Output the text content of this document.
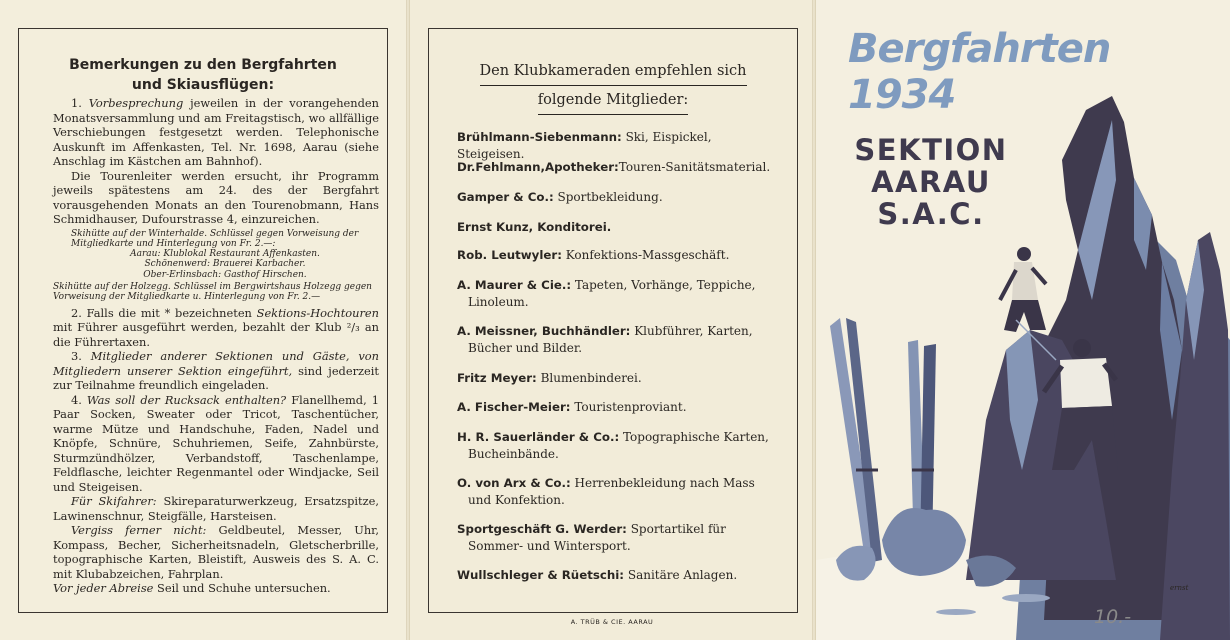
Bemerkungen zu den Bergfahrten
und Skiausflügen:

1. Vorbesprechung jeweilen in der vorangehenden Monatsversammlung und am Freitagstisch, wo allfällige Verschiebungen festgesetzt werden. Telephonische Auskunft im Affenkasten, Tel. Nr. 1698, Aarau (siehe Anschlag im Kästchen am Bahnhof).

Die Tourenleiter werden ersucht, ihr Programm jeweils spätestens am 24. des der Bergfahrt vorausgehenden Monats an den Tourenobmann, Hans Schmidhauser, Dufourstrasse 4, einzureichen.

Skihütte auf der Winterhalde. Schlüssel gegen Vorweisung der Mitgliedkarte und Hinterlegung von Fr. 2.—:
Aarau: Klublokal Restaurant Affenkasten.
Schönenwerd: Brauerei Karbacher.
Ober-Erlinsbach: Gasthof Hirschen.

Skihütte auf der Holzegg. Schlüssel im Bergwirtshaus Holzegg gegen Vorweisung der Mitgliedkarte u. Hinterlegung von Fr. 2.—

2. Falls die mit * bezeichneten Sektions-Hochtouren mit Führer ausgeführt werden, bezahlt der Klub ²/₃ an die Führertaxen.

3. Mitglieder anderer Sektionen und Gäste, von Mitgliedern unserer Sektion eingeführt, sind jederzeit zur Teilnahme freundlich eingeladen.

4. Was soll der Rucksack enthalten? Flanellhemd, 1 Paar Socken, Sweater oder Tricot, Taschentücher, warme Mütze und Handschuhe, Faden, Nadel und Knöpfe, Schnüre, Schuhriemen, Seife, Zahnbürste, Sturmzündhölzer, Verbandstoff, Taschenlampe, Feldflasche, leichter Regenmantel oder Windjacke, Seil und Steigeisen.

Für Skifahrer: Skireparaturwerkzeug, Ersatzspitze, Lawinenschnur, Steigfälle, Harsteisen.

Vergiss ferner nicht: Geldbeutel, Messer, Uhr, Kompass, Becher, Sicherheitsnadeln, Gletscherbrille, topographische Karten, Bleistift, Ausweis des S. A. C. mit Klubabzeichen, Fahrplan.

Vor jeder Abreise Seil und Schuhe untersuchen.

Den Klubkameraden empfehlen sich
folgende Mitglieder:
Brühlmann-Siebenmann: Ski, Eispickel, Steigeisen.
Dr.Fehlmann,Apotheker:Touren-Sanitätsmaterial.
Gamper & Co.: Sportbekleidung.
Ernst Kunz, Konditorei.
Rob. Leutwyler: Konfektions-Massgeschäft.
A. Maurer & Cie.: Tapeten, Vorhänge, Teppiche,
Linoleum.
A. Meissner, Buchhändler: Klubführer, Karten,
Bücher und Bilder.
Fritz Meyer: Blumenbinderei.
A. Fischer-Meier: Touristenproviant.
H. R. Sauerländer & Co.: Topographische Karten,
Bucheinbände.
O. von Arx & Co.: Herrenbekleidung nach Mass
und Konfektion.
Sportgeschäft G. Werder: Sportartikel für
Sommer- und Wintersport.
Wullschleger & Rüetschi: Sanitäre Anlagen.
A. TRÜB & CIE. AARAU
Bergfahrten 1934
SEKTION
AARAU
S.A.C.
ernst
10.-
